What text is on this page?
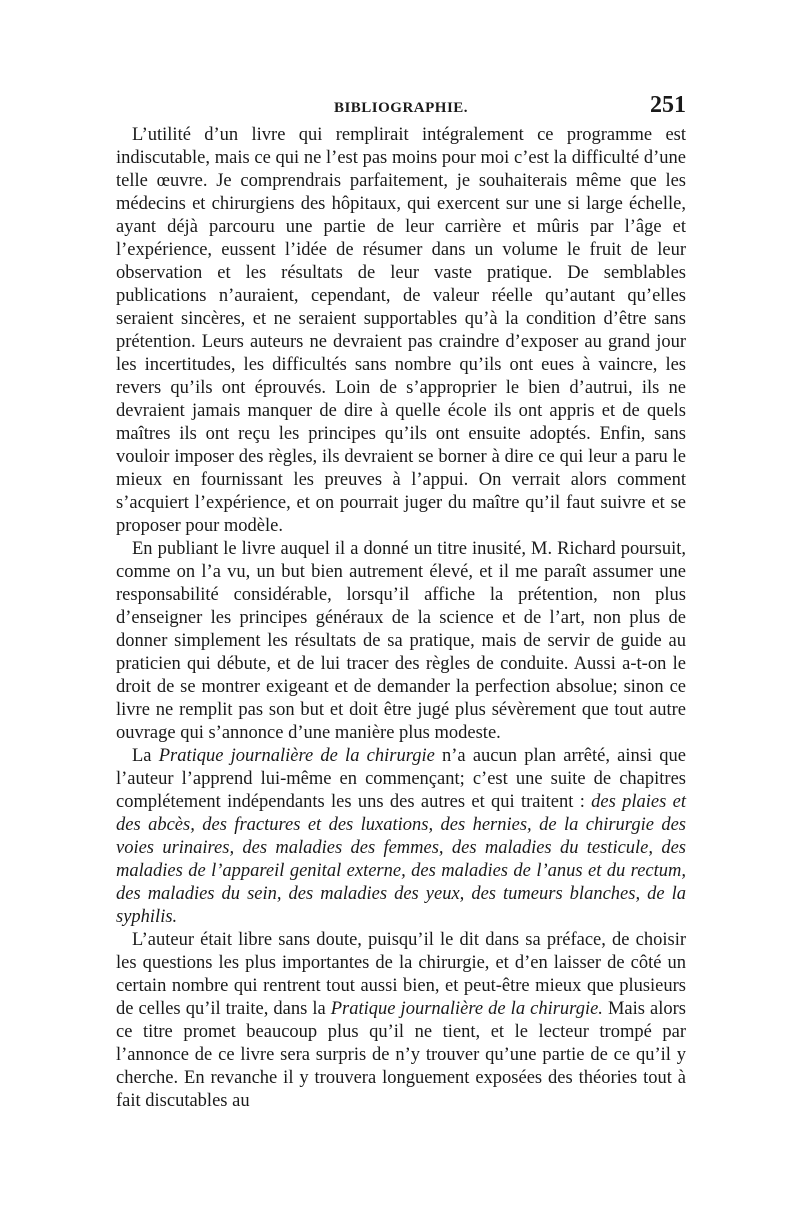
BIBLIOGRAPHIE.	251

L’utilité d’un livre qui remplirait intégralement ce programme est indiscutable, mais ce qui ne l’est pas moins pour moi c’est la difficulté d’une telle œuvre. Je comprendrais parfaitement, je souhaiterais même que les médecins et chirurgiens des hôpitaux, qui exercent sur une si large échelle, ayant déjà parcouru une partie de leur carrière et mûris par l’âge et l’expérience, eussent l’idée de résumer dans un volume le fruit de leur observation et les résultats de leur vaste pratique. De semblables publications n’auraient, cependant, de valeur réelle qu’autant qu’elles seraient sincères, et ne seraient supportables qu’à la condition d’être sans prétention. Leurs auteurs ne devraient pas craindre d’exposer au grand jour les incertitudes, les difficultés sans nombre qu’ils ont eues à vaincre, les revers qu’ils ont éprouvés. Loin de s’approprier le bien d’autrui, ils ne devraient jamais manquer de dire à quelle école ils ont appris et de quels maîtres ils ont reçu les principes qu’ils ont ensuite adoptés. Enfin, sans vouloir imposer des règles, ils devraient se borner à dire ce qui leur a paru le mieux en fournissant les preuves à l’appui. On verrait alors comment s’acquiert l’expérience, et on pourrait juger du maître qu’il faut suivre et se proposer pour modèle.

En publiant le livre auquel il a donné un titre inusité, M. Richard poursuit, comme on l’a vu, un but bien autrement élevé, et il me paraît assumer une responsabilité considérable, lorsqu’il affiche la prétention, non plus d’enseigner les principes généraux de la science et de l’art, non plus de donner simplement les résultats de sa pratique, mais de servir de guide au praticien qui débute, et de lui tracer des règles de conduite. Aussi a-t-on le droit de se montrer exigeant et de demander la perfection absolue; sinon ce livre ne remplit pas son but et doit être jugé plus sévèrement que tout autre ouvrage qui s’annonce d’une manière plus modeste.

La Pratique journalière de la chirurgie n’a aucun plan arrêté, ainsi que l’auteur l’apprend lui-même en commençant; c’est une suite de chapitres complétement indépendants les uns des autres et qui traitent : des plaies et des abcès, des fractures et des luxations, des hernies, de la chirurgie des voies urinaires, des maladies des femmes, des maladies du testicule, des maladies de l’appareil genital externe, des maladies de l’anus et du rectum, des maladies du sein, des maladies des yeux, des tumeurs blanches, de la syphilis.

L’auteur était libre sans doute, puisqu’il le dit dans sa préface, de choisir les questions les plus importantes de la chirurgie, et d’en laisser de côté un certain nombre qui rentrent tout aussi bien, et peut-être mieux que plusieurs de celles qu’il traite, dans la Pratique journalière de la chirurgie. Mais alors ce titre promet beaucoup plus qu’il ne tient, et le lecteur trompé par l’annonce de ce livre sera surpris de n’y trouver qu’une partie de ce qu’il y cherche. En revanche il y trouvera longuement exposées des théories tout à fait discutables au
